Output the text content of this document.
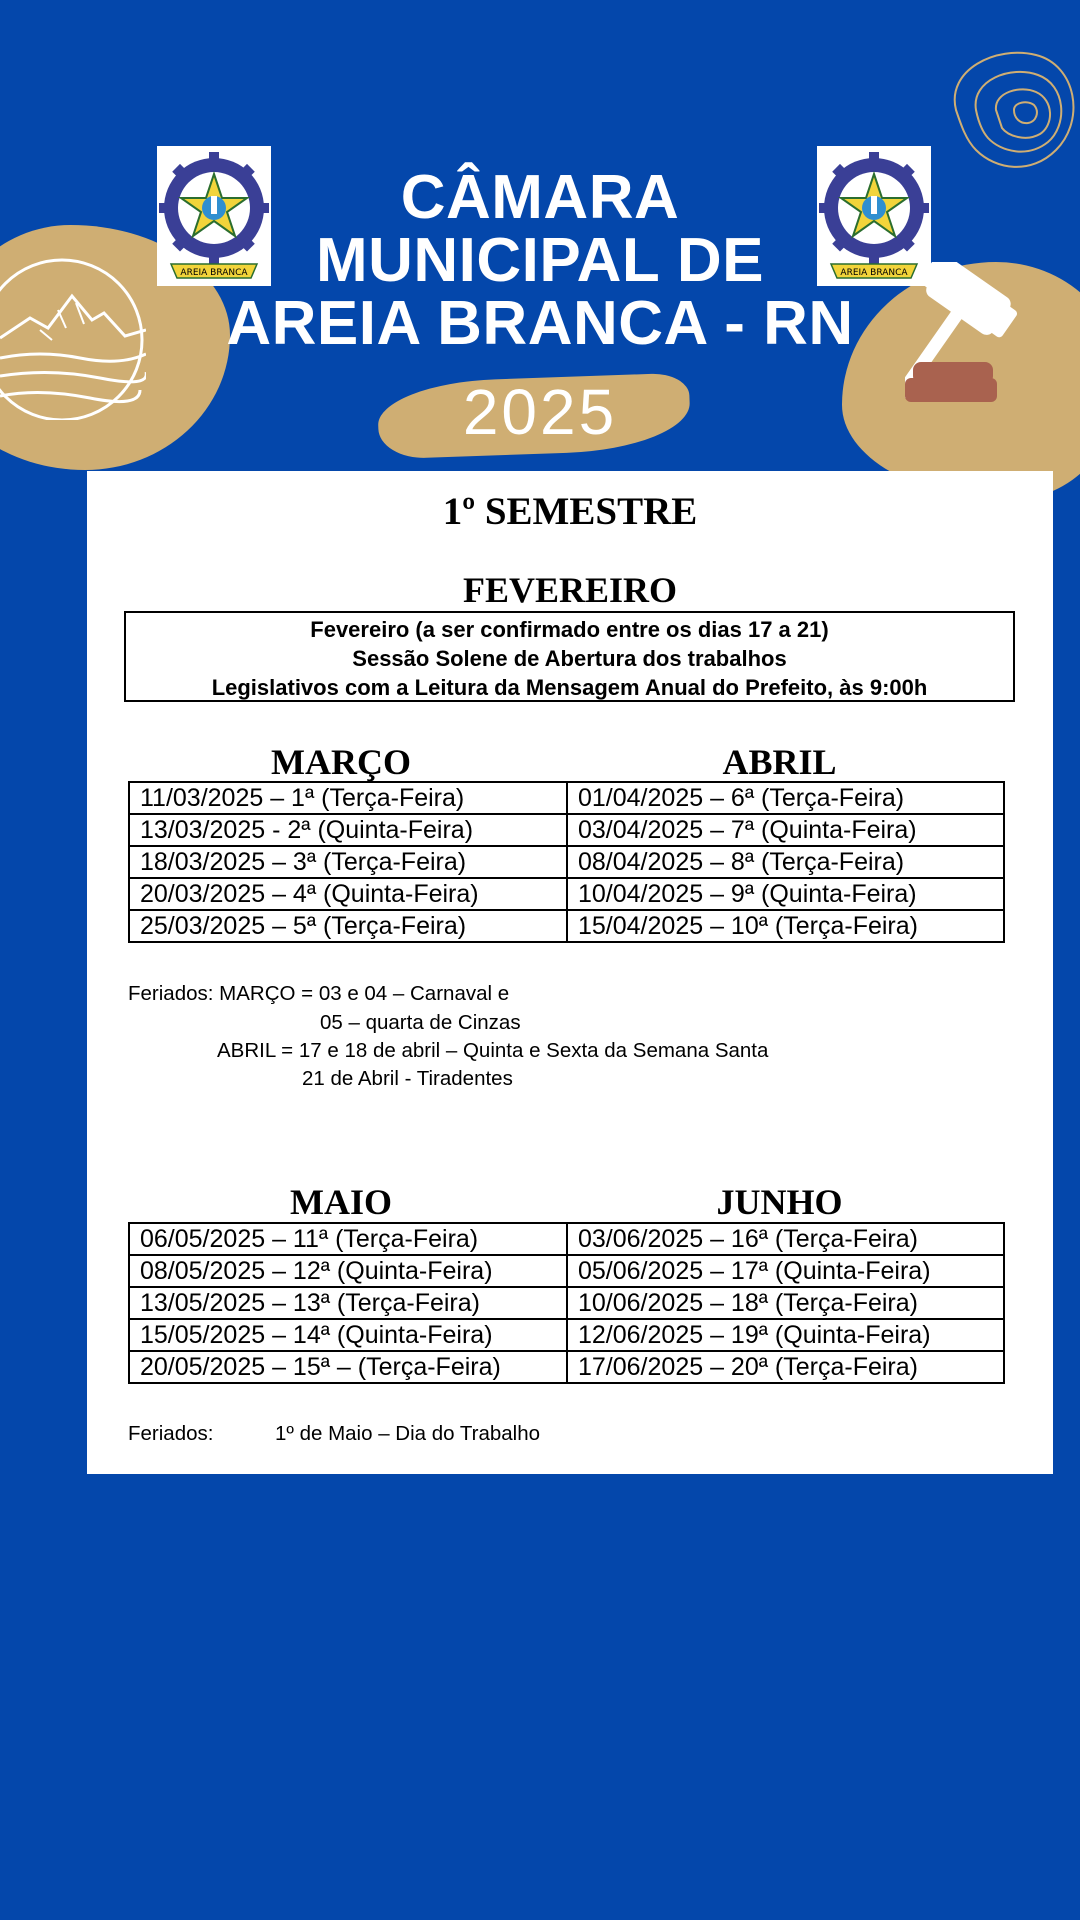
AREIA BRANCA	AREIA BRANCA
CÂMARA
MUNICIPAL DE
AREIA BRANCA - RN
2025
1º SEMESTRE
FEVEREIRO
Fevereiro (a ser confirmado entre os dias 17 a 21)
Sessão Solene de Abertura dos trabalhos
Legislativos com a Leitura da Mensagem Anual do Prefeito, às 9:00h
MARÇO	ABRIL
11/03/2025 – 1ª (Terça-Feira)	01/04/2025 – 6ª (Terça-Feira)
13/03/2025 - 2ª (Quinta-Feira)	03/04/2025 – 7ª (Quinta-Feira)
18/03/2025 – 3ª (Terça-Feira)	08/04/2025 – 8ª (Terça-Feira)
20/03/2025 – 4ª (Quinta-Feira)	10/04/2025 – 9ª (Quinta-Feira)
25/03/2025 – 5ª (Terça-Feira)	15/04/2025 – 10ª (Terça-Feira)
Feriados: MARÇO = 03 e 04 – Carnaval e
05 – quarta de Cinzas
ABRIL = 17 e 18 de abril – Quinta e Sexta da Semana Santa
21 de Abril - Tiradentes
MAIO	JUNHO
06/05/2025 – 11ª (Terça-Feira)	03/06/2025 – 16ª (Terça-Feira)
08/05/2025 – 12ª (Quinta-Feira)	05/06/2025 – 17ª (Quinta-Feira)
13/05/2025 – 13ª (Terça-Feira)	10/06/2025 – 18ª (Terça-Feira)
15/05/2025 – 14ª (Quinta-Feira)	12/06/2025 – 19ª (Quinta-Feira)
20/05/2025 – 15ª – (Terça-Feira)	17/06/2025 – 20ª (Terça-Feira)
Feriados:	1º de Maio – Dia do Trabalho
